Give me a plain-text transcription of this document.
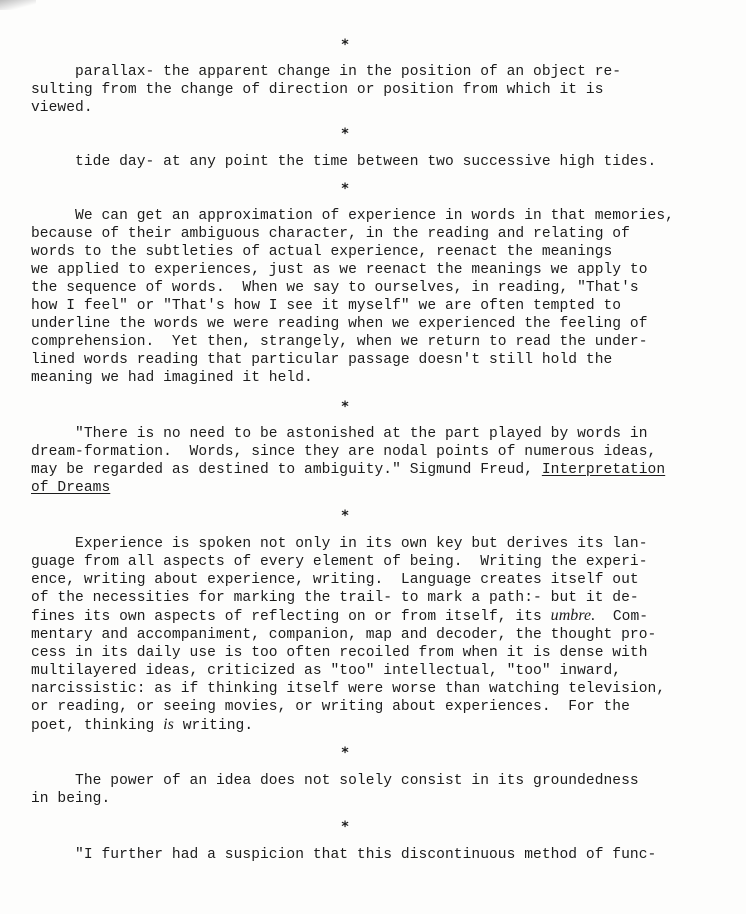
*
parallax- the apparent change in the position of an object re-
sulting from the change of direction or position from which it is
viewed.
*
tide day- at any point the time between two successive high tides.
*
We can get an approximation of experience in words in that memories,
because of their ambiguous character, in the reading and relating of
words to the subtleties of actual experience, reenact the meanings
we applied to experiences, just as we reenact the meanings we apply to
the sequence of words.  When we say to ourselves, in reading, "That's
how I feel" or "That's how I see it myself" we are often tempted to
underline the words we were reading when we experienced the feeling of
comprehension.  Yet then, strangely, when we return to read the under-
lined words reading that particular passage doesn't still hold the
meaning we had imagined it held.
*
"There is no need to be astonished at the part played by words in
dream-formation.  Words, since they are nodal points of numerous ideas,
may be regarded as destined to ambiguity." Sigmund Freud, Interpretation
of Dreams
*
Experience is spoken not only in its own key but derives its lan-
guage from all aspects of every element of being.  Writing the experi-
ence, writing about experience, writing.  Language creates itself out
of the necessities for marking the trail- to mark a path:- but it de-
fines its own aspects of reflecting on or from itself, its umbre.  Com-
mentary and accompaniment, companion, map and decoder, the thought pro-
cess in its daily use is too often recoiled from when it is dense with
multilayered ideas, criticized as "too" intellectual, "too" inward,
narcissistic: as if thinking itself were worse than watching television,
or reading, or seeing movies, or writing about experiences.  For the
poet, thinking is writing.
*
The power of an idea does not solely consist in its groundedness
in being.
*
"I further had a suspicion that this discontinuous method of func-
